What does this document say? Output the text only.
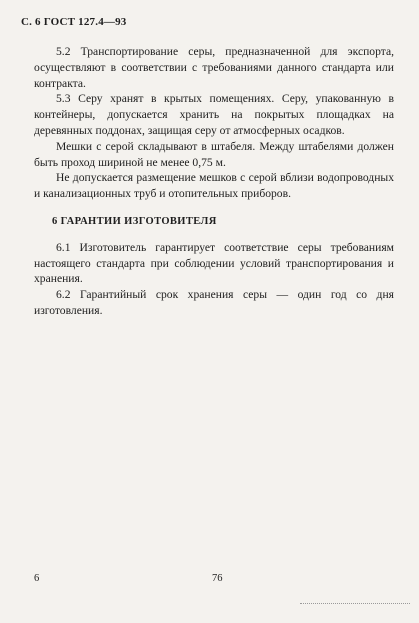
С. 6 ГОСТ 127.4—93

5.2 Транспортирование серы, предназначенной для экспорта, осуществляют в соответствии с требованиями данного стандарта или контракта.

5.3 Серу хранят в крытых помещениях. Серу, упакованную в контейнеры, допускается хранить на покрытых площадках на деревянных поддонах, защищая серу от атмосферных осадков.

Мешки с серой складывают в штабеля. Между штабелями должен быть проход шириной не менее 0,75 м.

Не допускается размещение мешков с серой вблизи водопроводных и канализационных труб и отопительных приборов.

6 ГАРАНТИИ ИЗГОТОВИТЕЛЯ

6.1 Изготовитель гарантирует соответствие серы требованиям настоящего стандарта при соблюдении условий транспортирования и хранения.

6.2 Гарантийный срок хранения серы — один год со дня изготовления.

6	76
